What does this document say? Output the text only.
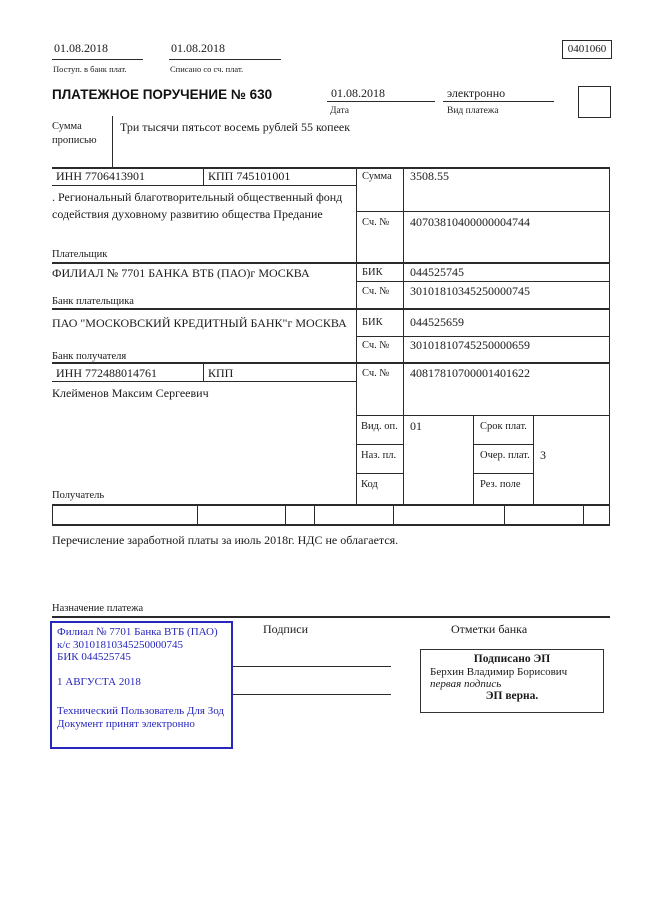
01.08.2018
Поступ. в банк плат.
01.08.2018
Списано со сч. плат.
0401060
ПЛАТЕЖНОЕ ПОРУЧЕНИЕ № 630	01.08.2018
Дата
электронно
Вид платежа
Сумма
прописью
Три тысячи пятьсот восемь рублей 55 копеек
ИНН 7706413901	КПП 745101001	Сумма 3508.55
. Региональный благотворительный общественный фонд содействия духовному развитию общества Предание
Сч. № 40703810400000004744
Плательщик
ФИЛИАЛ № 7701 БАНКА ВТБ (ПАО)г МОСКВА	БИК 044525745
Сч. № 30101810345250000745
Банк плательщика
ПАО "МОСКОВСКИЙ КРЕДИТНЫЙ БАНК"г МОСКВА	БИК 044525659
Сч. № 30101810745250000659
Банк получателя
ИНН 772488014761	КПП	Сч. № 40817810700001401622
Клейменов Максим Сергеевич
Получатель
Вид. оп. 01	Срок плат.
Наз. пл.	Очер. плат. 3
Код	Рез. поле
Перечисление заработной платы за июль 2018г. НДС не облагается.
Назначение платежа
Подписи	Отметки банка
Филиал № 7701 Банка ВТБ (ПАО)
к/с 30101810345250000745
БИК 044525745
1 АВГУСТА 2018
Технический Пользователь Для Зод
Документ принят электронно
Подписано ЭП
Берхин Владимир Борисович
первая подпись
ЭП верна.
